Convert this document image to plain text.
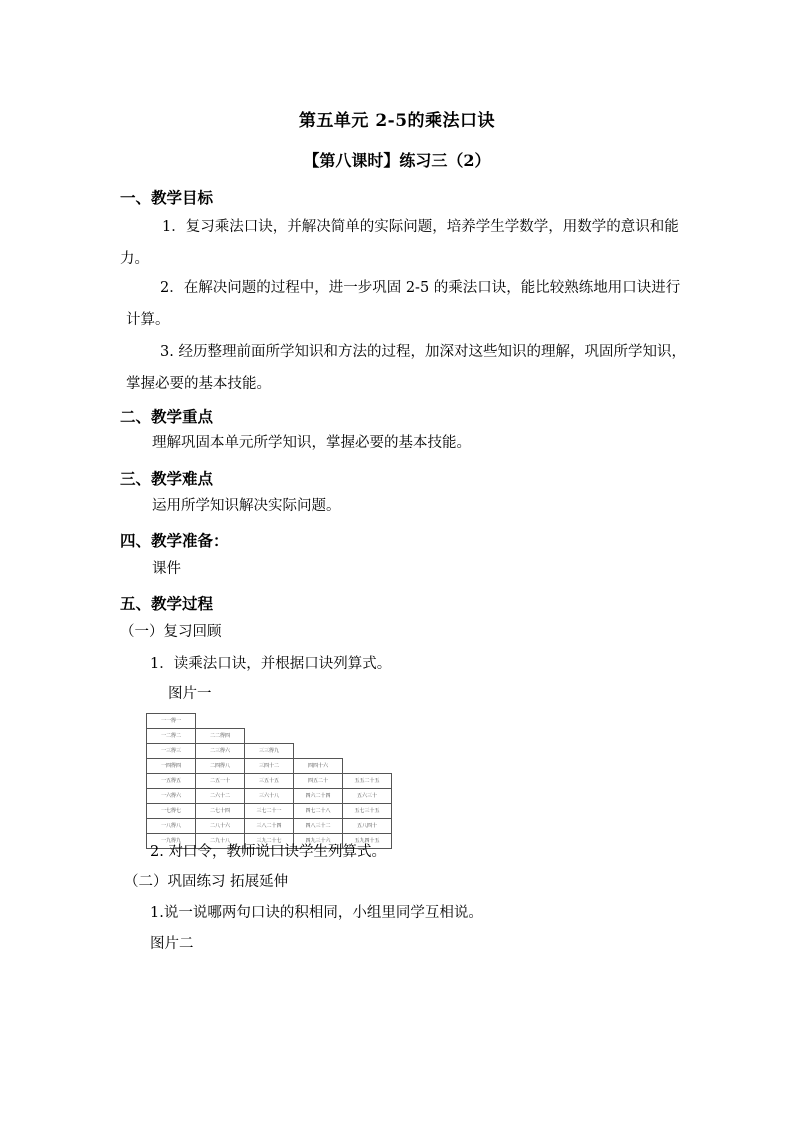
第五单元 2-5的乘法口诀
【第八课时】练习三（2）
一、教学目标
1．复习乘法口诀，并解决简单的实际问题，培养学生学数学，用数学的意识和能力。
2．在解决问题的过程中，进一步巩固 2-5 的乘法口诀，能比较熟练地用口诀进行计算。
3. 经历整理前面所学知识和方法的过程，加深对这些知识的理解，巩固所学知识，掌握必要的基本技能。
二、教学重点
理解巩固本单元所学知识，掌握必要的基本技能。
三、教学难点
运用所学知识解决实际问题。
四、教学准备：
课件
五、教学过程
（一）复习回顾
1．读乘法口诀，并根据口诀列算式。
图片一
一一得一				
一二得二	二二得四			
一三得三	二三得六	三三得九		
一四得四	二四得八	三四十二	四四十六	
一五得五	二五一十	三五十五	四五二十	五五二十五
一六得六	二六十二	三六十八	四六二十四	五六三十
一七得七	二七十四	三七二十一	四七二十八	五七三十五
一八得八	二八十六	三八二十四	四八三十二	五八四十
一九得九	二九十八	三九二十七	四九三十六	五九四十五
2. 对口令，教师说口诀学生列算式。
（二）巩固练习 拓展延伸
1.说一说哪两句口诀的积相同，小组里同学互相说。
图片二
